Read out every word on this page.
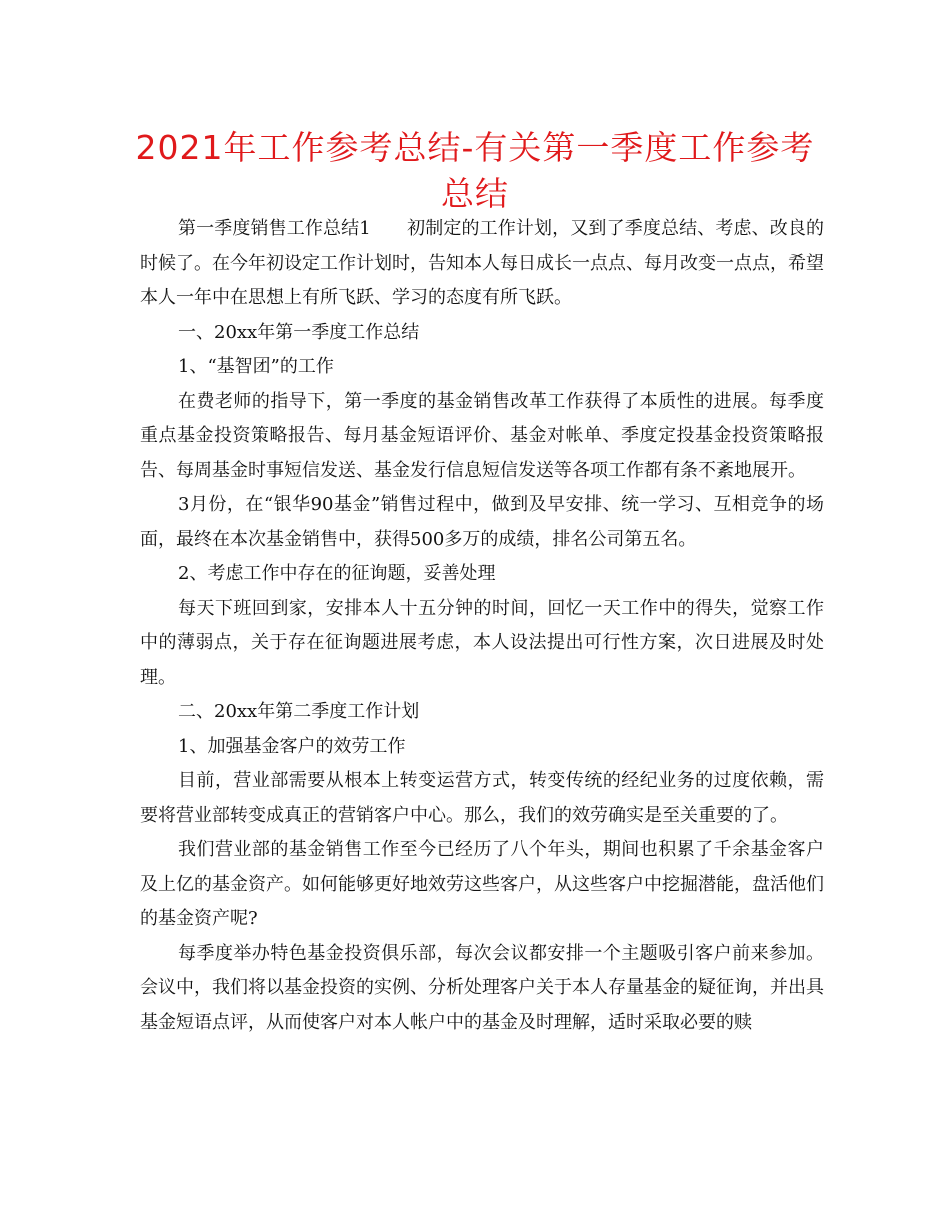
2021年工作参考总结-有关第一季度工作参考总结

第一季度销售工作总结1　　初制定的工作计划，又到了季度总结、考虑、改良的时候了。在今年初设定工作计划时，告知本人每日成长一点点、每月改变一点点，希望本人一年中在思想上有所飞跃、学习的态度有所飞跃。

一、20xx年第一季度工作总结

1、“基智团”的工作

在费老师的指导下，第一季度的基金销售改革工作获得了本质性的进展。每季度重点基金投资策略报告、每月基金短语评价、基金对帐单、季度定投基金投资策略报告、每周基金时事短信发送、基金发行信息短信发送等各项工作都有条不紊地展开。

3月份，在“银华90基金”销售过程中，做到及早安排、统一学习、互相竞争的场面，最终在本次基金销售中，获得500多万的成绩，排名公司第五名。

2、考虑工作中存在的征询题，妥善处理

每天下班回到家，安排本人十五分钟的时间，回忆一天工作中的得失，觉察工作中的薄弱点，关于存在征询题进展考虑，本人设法提出可行性方案，次日进展及时处理。

二、20xx年第二季度工作计划

1、加强基金客户的效劳工作

目前，营业部需要从根本上转变运营方式，转变传统的经纪业务的过度依赖，需要将营业部转变成真正的营销客户中心。那么，我们的效劳确实是至关重要的了。

我们营业部的基金销售工作至今已经历了八个年头，期间也积累了千余基金客户及上亿的基金资产。如何能够更好地效劳这些客户，从这些客户中挖掘潜能，盘活他们的基金资产呢?

每季度举办特色基金投资俱乐部，每次会议都安排一个主题吸引客户前来参加。会议中，我们将以基金投资的实例、分析处理客户关于本人存量基金的疑征询，并出具基金短语点评，从而使客户对本人帐户中的基金及时理解，适时采取必要的赎
